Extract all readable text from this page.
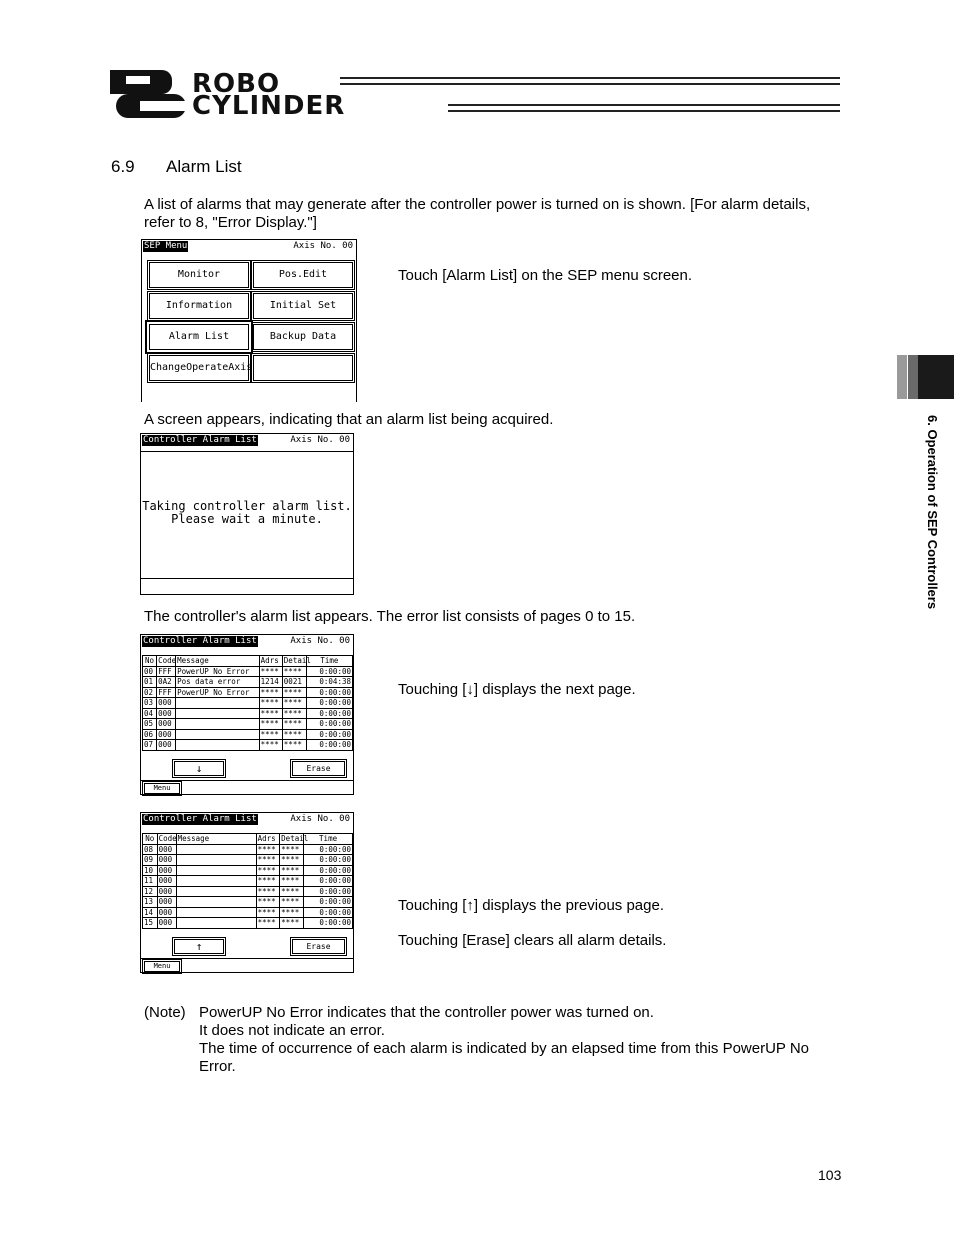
ROBO
CYLINDER
6. Operation of SEP Controllers
6.9 Alarm List
A list of alarms that may generate after the controller power is turned on is shown. [For alarm details, refer to 8, "Error Display."]
SEP Menu	Axis No. 00
Monitor	Pos.Edit
Information	Initial Set
Alarm List	Backup Data
ChangeOperateAxis
Touch [Alarm List] on the SEP menu screen.
A screen appears, indicating that an alarm list being acquired.
Controller Alarm List	Axis No. 00
Taking controller alarm list.
Please wait a minute.
The controller's alarm list appears. The error list consists of pages 0 to 15.
Controller Alarm List	Axis No. 00
No	Code	Message	Adrs	Detail	Time
00	FFF	PowerUP No Error	****	****	0:00:00
01	0A2	Pos data error	1214	0021	0:04:38
02	FFF	PowerUP No Error	****	****	0:00:00
03	000		****	****	0:00:00
04	000		****	****	0:00:00
05	000		****	****	0:00:00
06	000		****	****	0:00:00
07	000		****	****	0:00:00
↓	Erase
Menu
Touching [↓] displays the next page.
Controller Alarm List	Axis No. 00
No	Code	Message	Adrs	Detail	Time
08	000		****	****	0:00:00
09	000		****	****	0:00:00
10	000		****	****	0:00:00
11	000		****	****	0:00:00
12	000		****	****	0:00:00
13	000		****	****	0:00:00
14	000		****	****	0:00:00
15	000		****	****	0:00:00
↑	Erase
Menu
Touching [↑] displays the previous page.
Touching [Erase] clears all alarm details.
(Note) PowerUP No Error indicates that the controller power was turned on.
It does not indicate an error.
The time of occurrence of each alarm is indicated by an elapsed time from this PowerUP No Error.
103
